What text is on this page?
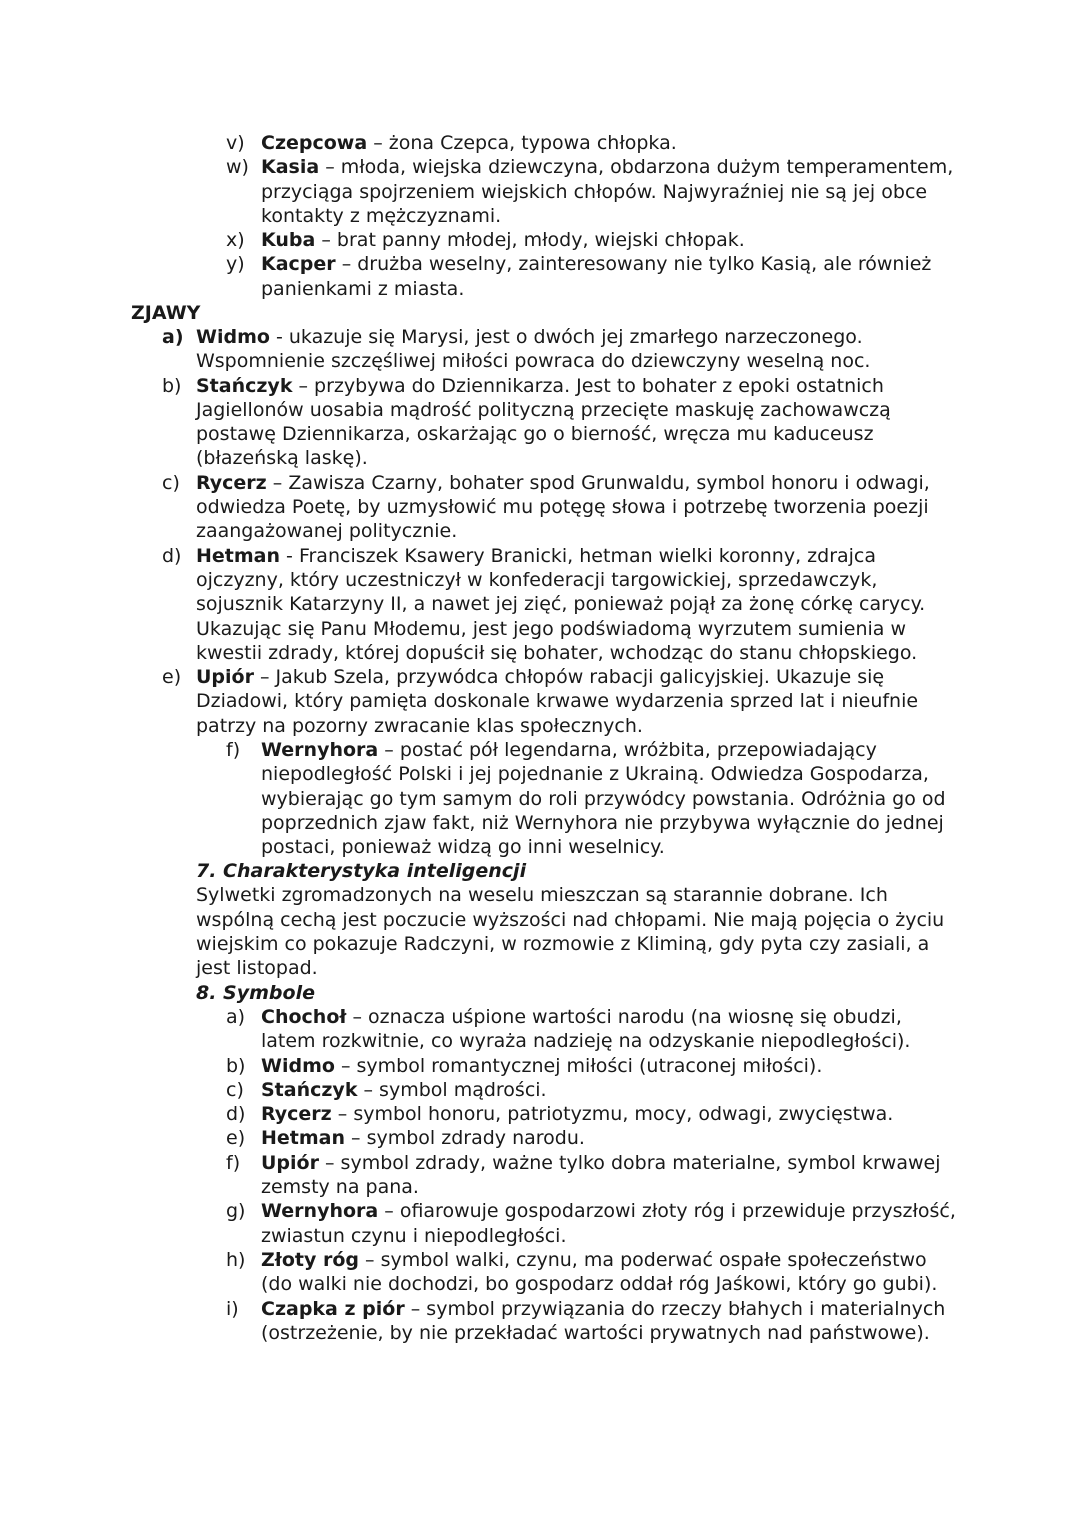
v) Czepcowa – żona Czepca, typowa chłopka.
w) Kasia – młoda, wiejska dziewczyna, obdarzona dużym temperamentem, przyciąga spojrzeniem wiejskich chłopów. Najwyraźniej nie są jej obce kontakty z mężczyznami.
x) Kuba – brat panny młodej, młody, wiejski chłopak.
y) Kacper – drużba weselny, zainteresowany nie tylko Kasią, ale również panienkami z miasta.
ZJAWY
a) Widmo - ukazuje się Marysi, jest o dwóch jej zmarłego narzeczonego. Wspomnienie szczęśliwej miłości powraca do dziewczyny weselną noc.
b) Stańczyk – przybywa do Dziennikarza. Jest to bohater z epoki ostatnich Jagiellonów uosabia mądrość polityczną przecięte maskuję zachowawczą postawę Dziennikarza, oskarżając go o bierność, wręcza mu kaduceusz (błazeńską laskę).
c) Rycerz – Zawisza Czarny, bohater spod Grunwaldu, symbol honoru i odwagi, odwiedza Poetę, by uzmysłowić mu potęgę słowa i potrzebę tworzenia poezji zaangażowanej politycznie.
d) Hetman - Franciszek Ksawery Branicki, hetman wielki koronny, zdrajca ojczyzny, który uczestniczył w konfederacji targowickiej, sprzedawczyk, sojusznik Katarzyny II, a nawet jej zięć, ponieważ pojął za żonę córkę carycy. Ukazując się Panu Młodemu, jest jego podświadomą wyrzutem sumienia w kwestii zdrady, której dopuścił się bohater, wchodząc do stanu chłopskiego.
e) Upiór – Jakub Szela, przywódca chłopów rabacji galicyjskiej. Ukazuje się Dziadowi, który pamięta doskonale krwawe wydarzenia sprzed lat i nieufnie patrzy na pozorny zwracanie klas społecznych.
f) Wernyhora – postać pół legendarna, wróżbita, przepowiadający niepodległość Polski i jej pojednanie z Ukrainą. Odwiedza Gospodarza, wybierając go tym samym do roli przywódcy powstania. Odróżnia go od poprzednich zjaw fakt, niż Wernyhora nie przybywa wyłącznie do jednej postaci, ponieważ widzą go inni weselnicy.
7. Charakterystyka inteligencji
Sylwetki zgromadzonych na weselu mieszczan są starannie dobrane. Ich wspólną cechą jest poczucie wyższości nad chłopami. Nie mają pojęcia o życiu wiejskim co pokazuje Radczyni, w rozmowie z Kliminą, gdy pyta czy zasiali, a jest listopad.
8. Symbole
a) Chochoł – oznacza uśpione wartości narodu (na wiosnę się obudzi, latem rozkwitnie, co wyraża nadzieję na odzyskanie niepodległości).
b) Widmo – symbol romantycznej miłości (utraconej miłości).
c) Stańczyk – symbol mądrości.
d) Rycerz – symbol honoru, patriotyzmu, mocy, odwagi, zwycięstwa.
e) Hetman – symbol zdrady narodu.
f) Upiór – symbol zdrady, ważne tylko dobra materialne, symbol krwawej zemsty na pana.
g) Wernyhora – ofiarowuje gospodarzowi złoty róg i przewiduje przyszłość, zwiastun czynu i niepodległości.
h) Złoty róg – symbol walki, czynu, ma poderwać ospałe społeczeństwo (do walki nie dochodzi, bo gospodarz oddał róg Jaśkowi, który go gubi).
i) Czapka z piór – symbol przywiązania do rzeczy błahych i materialnych (ostrzeżenie, by nie przekładać wartości prywatnych nad państwowe).
